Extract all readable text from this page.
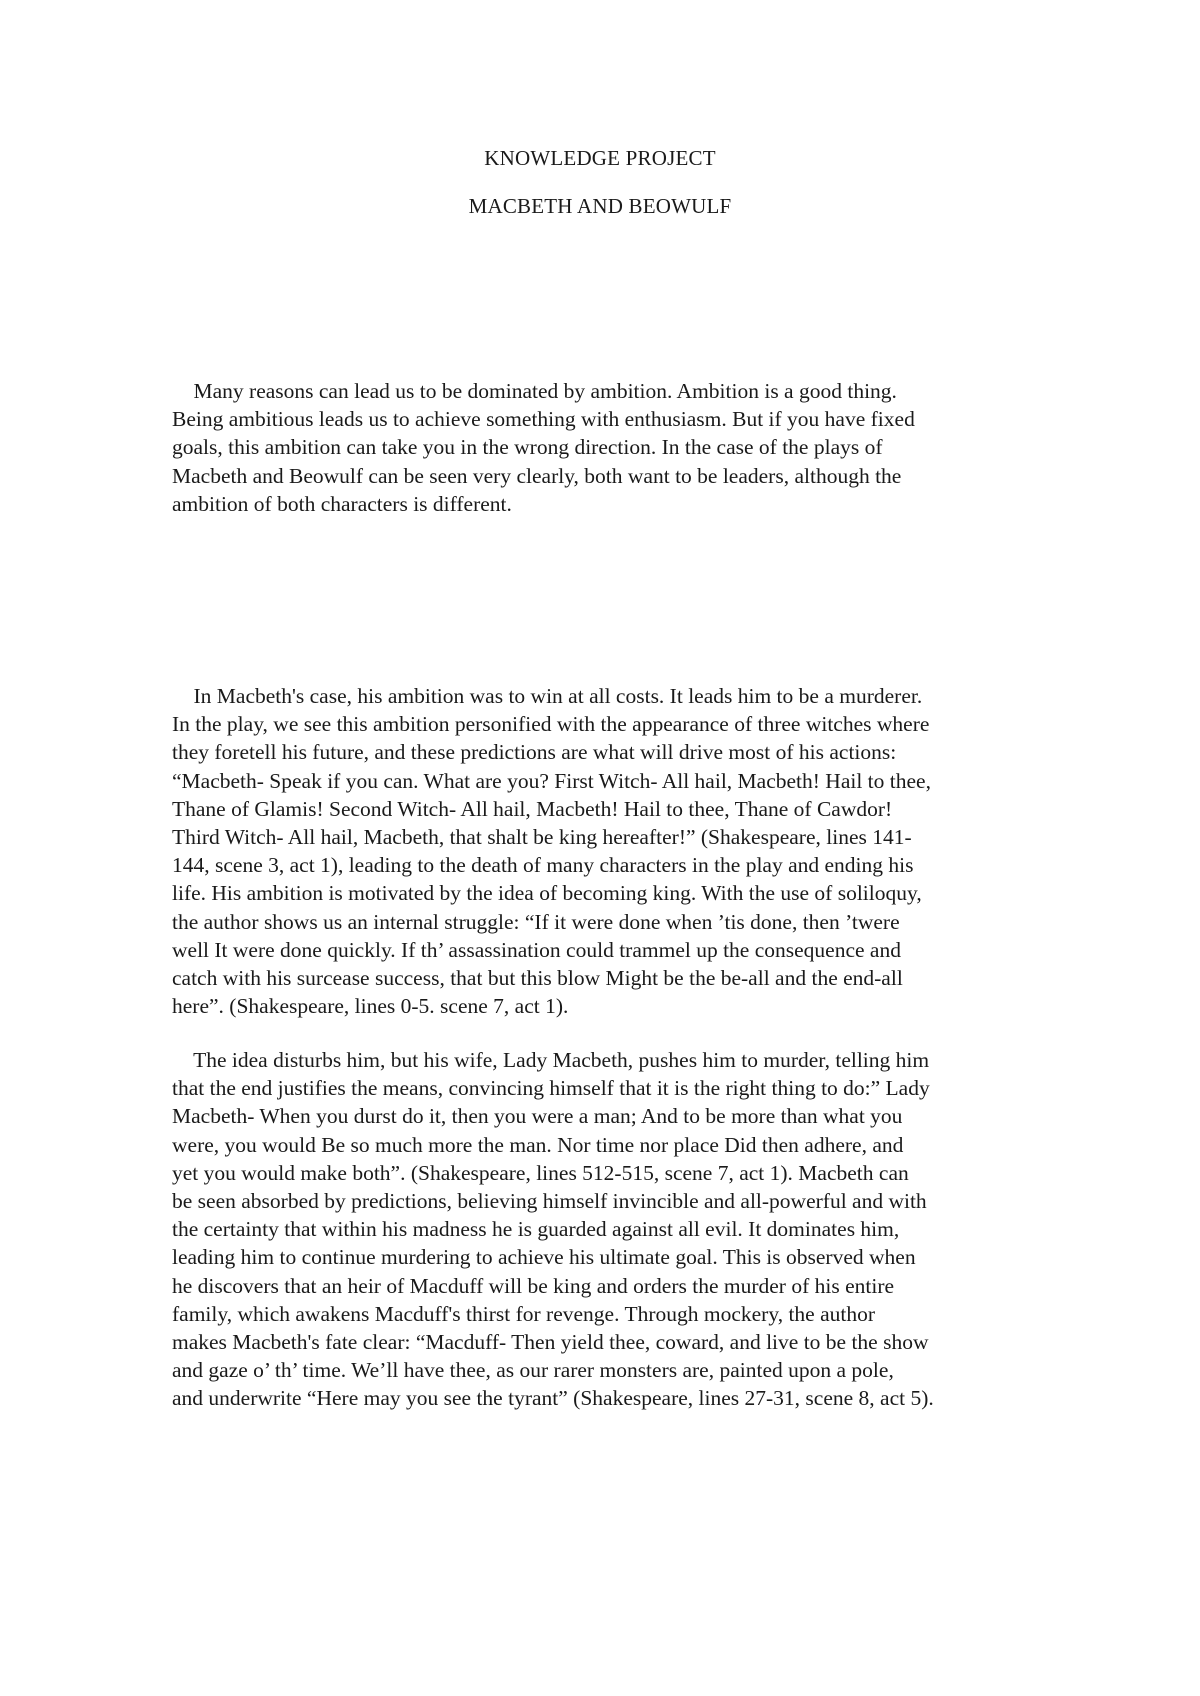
KNOWLEDGE PROJECT
MACBETH AND BEOWULF
Many reasons can lead us to be dominated by ambition. Ambition is a good thing.
Being ambitious leads us to achieve something with enthusiasm. But if you have fixed
goals, this ambition can take you in the wrong direction. In the case of the plays of
Macbeth and Beowulf can be seen very clearly, both want to be leaders, although the
ambition of both characters is different.
In Macbeth's case, his ambition was to win at all costs. It leads him to be a murderer.
In the play, we see this ambition personified with the appearance of three witches where
they foretell his future, and these predictions are what will drive most of his actions:
“Macbeth- Speak if you can. What are you? First Witch- All hail, Macbeth! Hail to thee,
Thane of Glamis! Second Witch- All hail, Macbeth! Hail to thee, Thane of Cawdor!
Third Witch- All hail, Macbeth, that shalt be king hereafter!” (Shakespeare, lines 141-
144, scene 3, act 1), leading to the death of many characters in the play and ending his
life. His ambition is motivated by the idea of becoming king. With the use of soliloquy,
the author shows us an internal struggle: “If it were done when ’tis done, then ’twere
well It were done quickly. If th’ assassination could trammel up the consequence and
catch with his surcease success, that but this blow Might be the be-all and the end-all
here”. (Shakespeare, lines 0-5. scene 7, act 1).
The idea disturbs him, but his wife, Lady Macbeth, pushes him to murder, telling him
that the end justifies the means, convincing himself that it is the right thing to do:” Lady
Macbeth- When you durst do it, then you were a man; And to be more than what you
were, you would Be so much more the man. Nor time nor place Did then adhere, and
yet you would make both”. (Shakespeare, lines 512-515, scene 7, act 1). Macbeth can
be seen absorbed by predictions, believing himself invincible and all-powerful and with
the certainty that within his madness he is guarded against all evil. It dominates him,
leading him to continue murdering to achieve his ultimate goal. This is observed when
he discovers that an heir of Macduff will be king and orders the murder of his entire
family, which awakens Macduff's thirst for revenge. Through mockery, the author
makes Macbeth's fate clear: “Macduff- Then yield thee, coward, and live to be the show
and gaze o’ th’ time. We’ll have thee, as our rarer monsters are, painted upon a pole,
and underwrite “Here may you see the tyrant” (Shakespeare, lines 27-31, scene 8, act 5).
